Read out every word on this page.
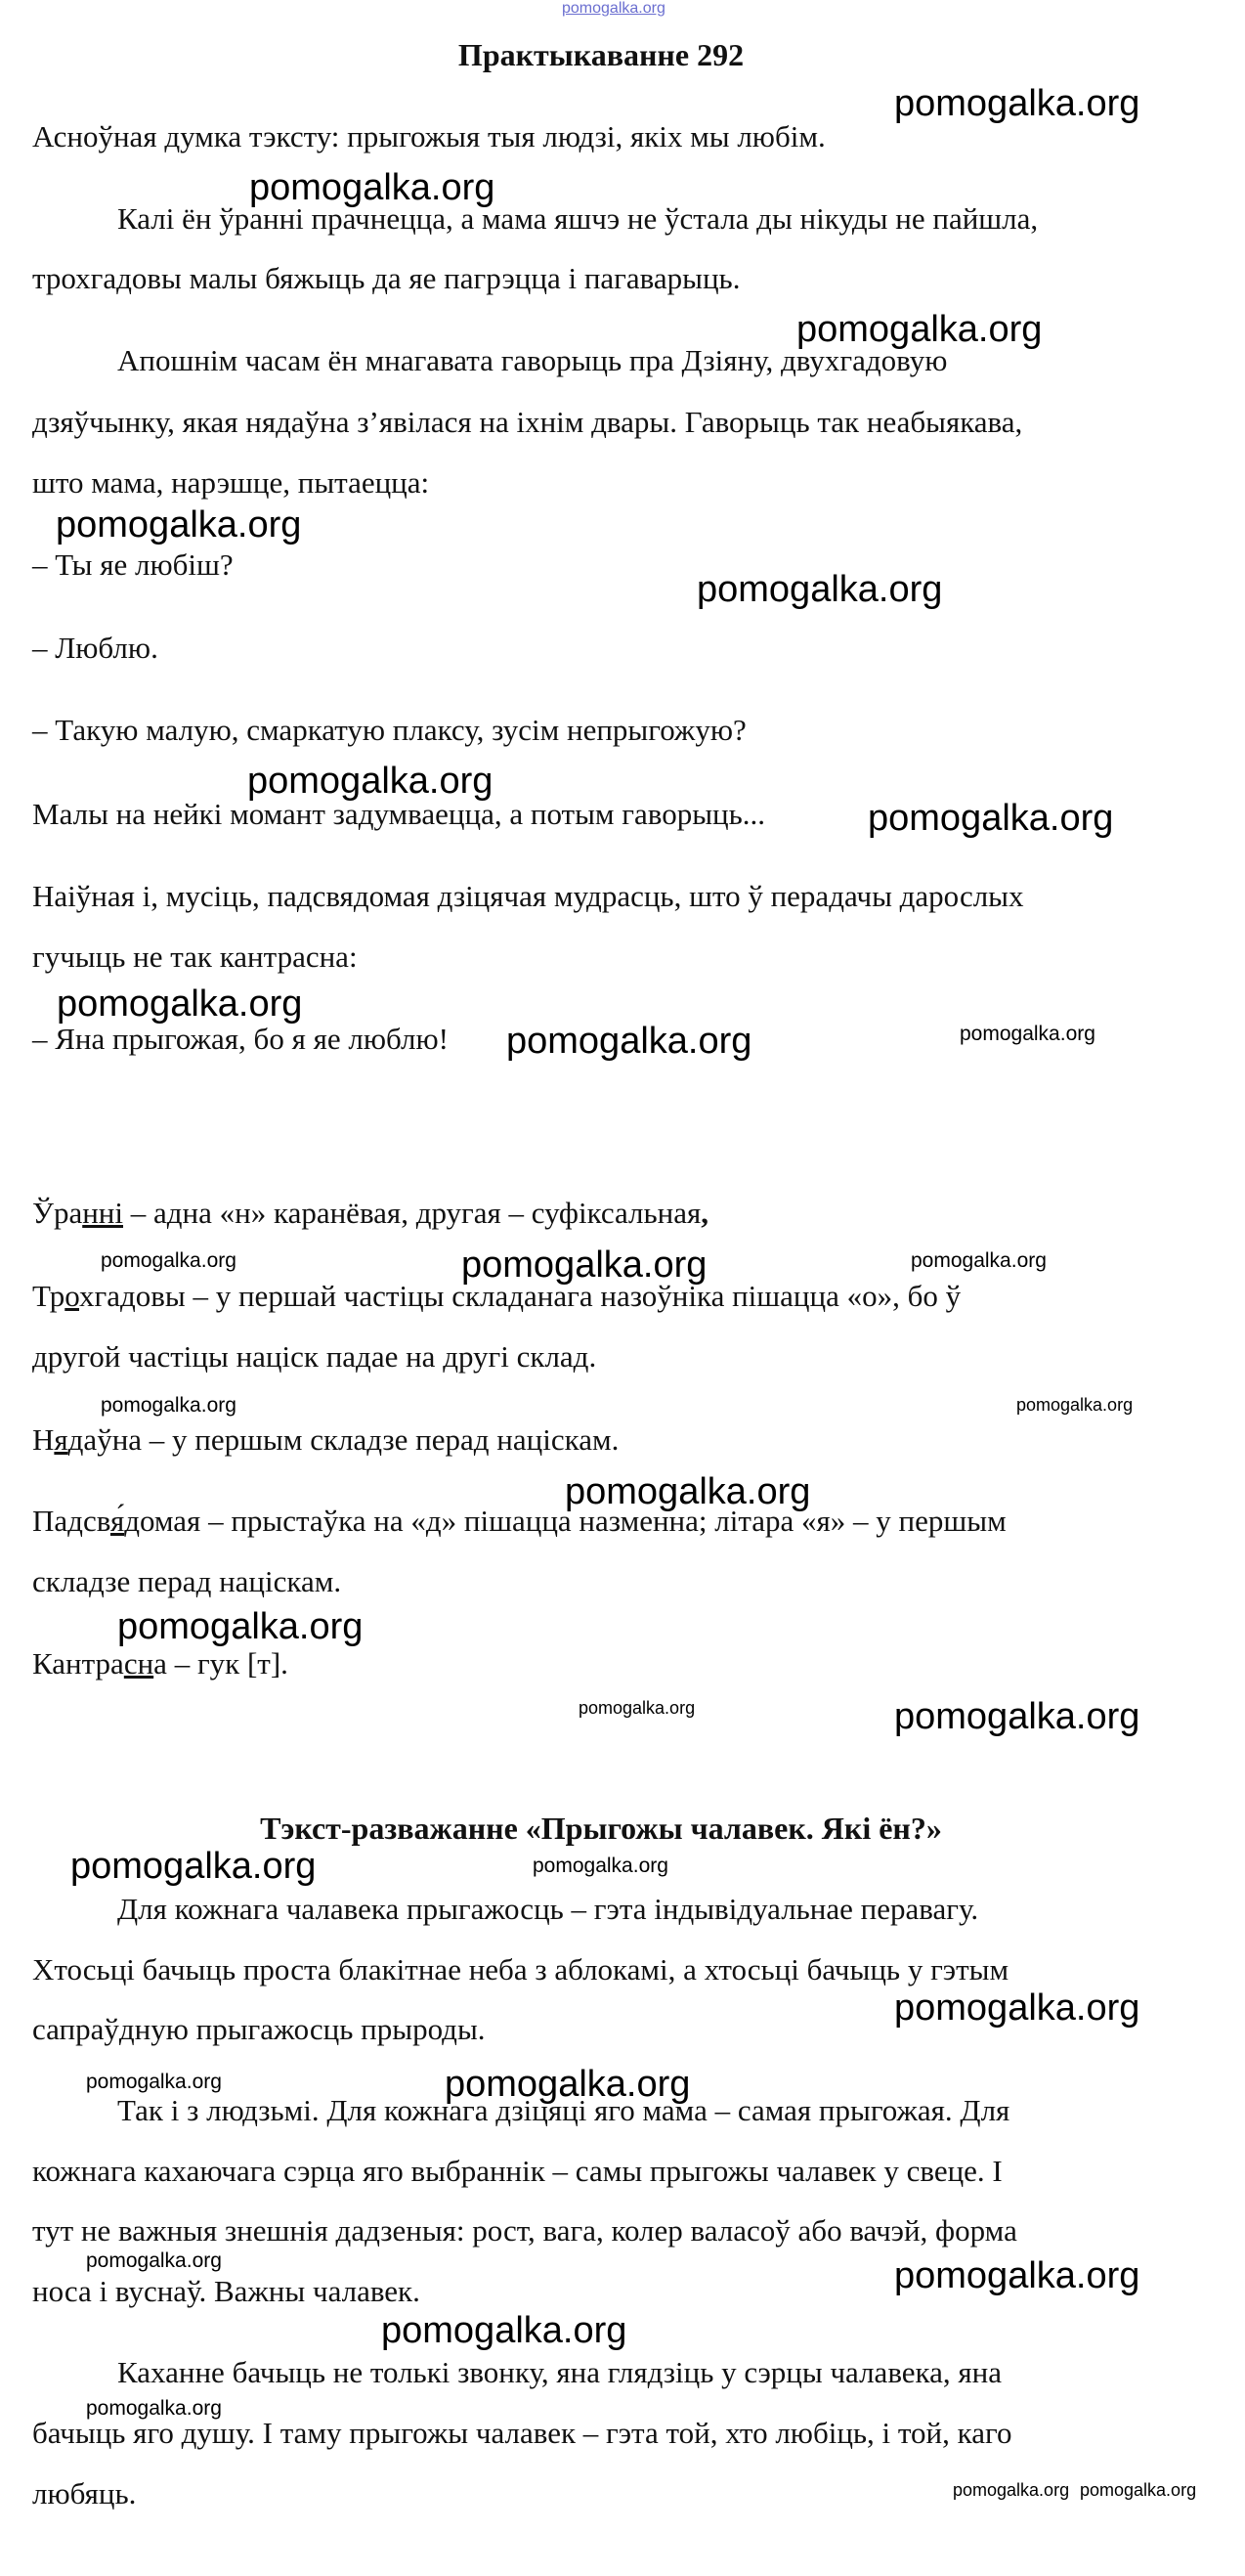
pomogalka.org
Практыкаванне 292
Асноўная думка тэксту: прыгожыя тыя людзі, якіх мы любім.
Калі ён ўранні прачнецца, а мама яшчэ не ўстала ды нікуды не пайшла,
трохгадовы малы бяжыць да яе пагрэцца і пагаварыць.
Апошнім часам ён мнагавата гаворыць пра Дзіяну, двухгадовую
дзяўчынку, якая нядаўна з’явілася на іхнім двары. Гаворыць так неабыякава,
што мама, нарэшце, пытаецца:
– Ты яе любіш?
– Люблю.
– Такую малую, смаркатую плаксу, зусім непрыгожую?
Малы на нейкі момант задумваецца, а потым гаворыць...
Наіўная і, мусіць, падсвядомая дзіцячая мудрасць, што ў перадачы дарослых
гучыць не так кантрасна:
– Яна прыгожая, бо я яе люблю!
Ўранні – адна «н» каранёвая, другая – суфіксальная,
Трохгадовы – у першай частіцы складанага назоўніка пішацца «о», бо ў
другой частіцы націск падае на другі склад.
Нядаўна – у першым складзе перад націскам.
Падсвя́домая – прыстаўка на «д» пішацца назменна; літара «я» – у першым
складзе перад націскам.
Кантрасна – гук [т].
Тэкст-разважанне «Прыгожы чалавек. Які ён?»
Для кожнага чалавека прыгажосць – гэта індывідуальнае перавагу.
Хтосьці бачыць проста блакітнае неба з аблокамі, а хтосьці бачыць у гэтым
сапраўдную прыгажосць прыроды.
Так і з людзьмі. Для кожнага дзіцяці яго мама – самая прыгожая. Для
кожнага кахаючага сэрца яго выбраннік – самы прыгожы чалавек у свеце. І
тут не важныя знешнія дадзеныя: рост, вага, колер валасоў або вачэй, форма
носа і вуснаў. Важны чалавек.
Каханне бачыць не толькі звонку, яна глядзіць у сэрцы чалавека, яна
бачыць яго душу. І таму прыгожы чалавек – гэта той, хто любіць, і той, каго
любяць.
pomogalka.org
pomogalka.org
pomogalka.org
pomogalka.org
pomogalka.org
pomogalka.org
pomogalka.org
pomogalka.org
pomogalka.org	pomogalka.org
pomogalka.org	pomogalka.org	pomogalka.org
pomogalka.org	pomogalka.org
pomogalka.org
pomogalka.org
pomogalka.org	pomogalka.org
pomogalka.org	pomogalka.org
pomogalka.org
pomogalka.org	pomogalka.org
pomogalka.org	pomogalka.org
pomogalka.org
pomogalka.org
pomogalka.org pomogalka.org
